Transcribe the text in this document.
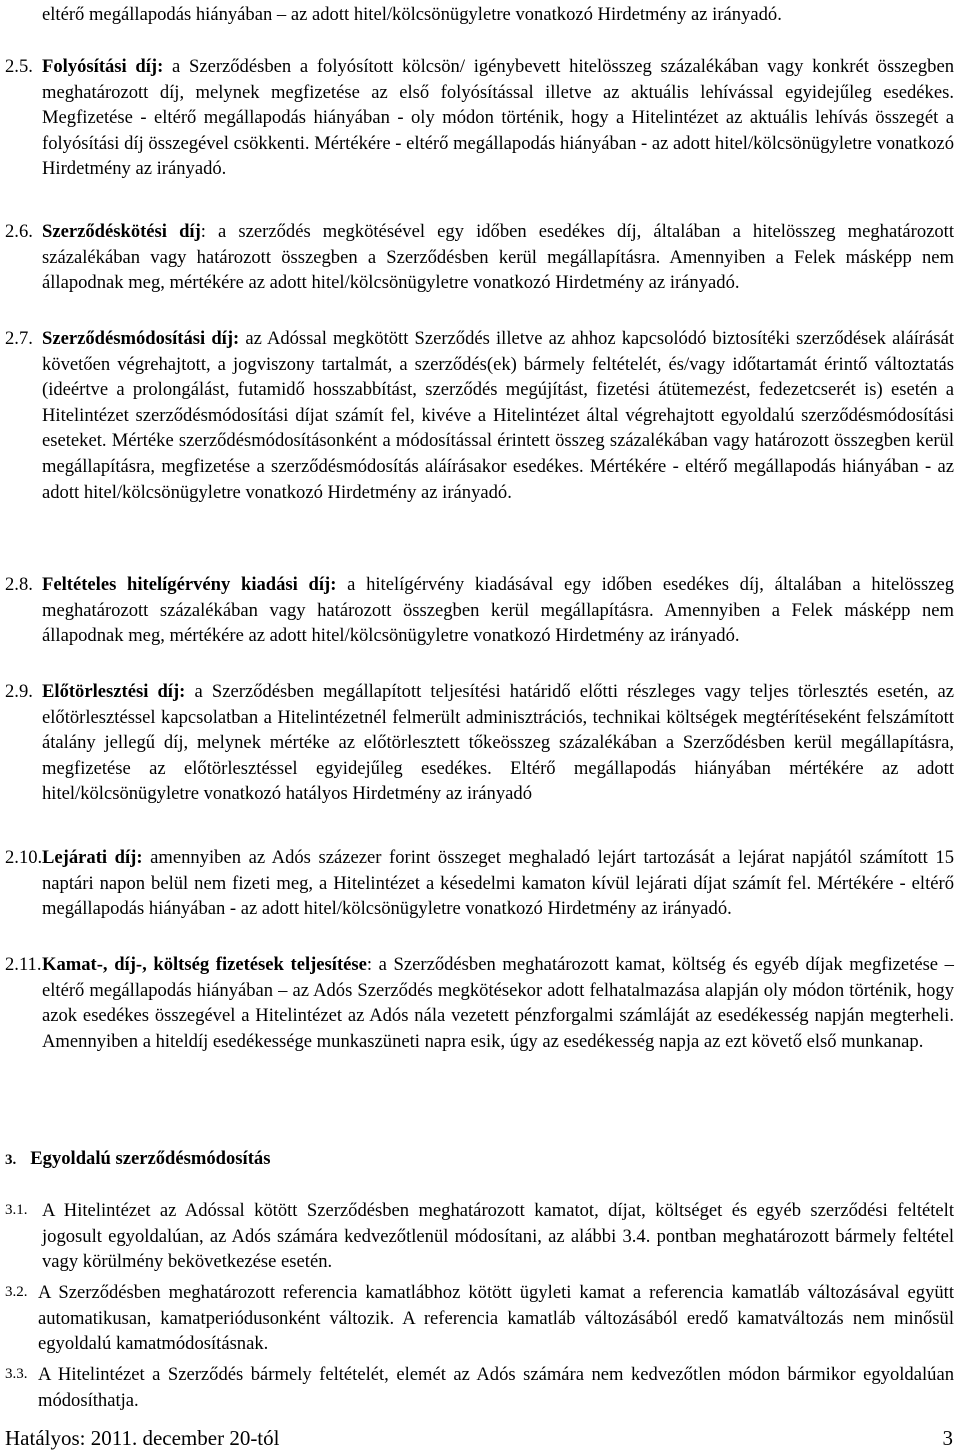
eltérő megállapodás hiányában – az adott hitel/kölcsönügyletre vonatkozó Hirdetmény az irányadó.
2.5. Folyósítási díj: a Szerződésben a folyósított kölcsön/ igénybevett hitelösszeg százalékában vagy konkrét összegben meghatározott díj, melynek megfizetése az első folyósítással illetve az aktuális lehívással egyidejűleg esedékes. Megfizetése - eltérő megállapodás hiányában - oly módon történik, hogy a Hitelintézet az aktuális lehívás összegét a folyósítási díj összegével csökkenti. Mértékére - eltérő megállapodás hiányában - az adott hitel/kölcsönügyletre vonatkozó Hirdetmény az irányadó.
2.6. Szerződéskötési díj: a szerződés megkötésével egy időben esedékes díj, általában a hitelösszeg meghatározott százalékában vagy határozott összegben a Szerződésben kerül megállapításra. Amennyiben a Felek másképp nem állapodnak meg, mértékére az adott hitel/kölcsönügyletre vonatkozó Hirdetmény az irányadó.
2.7. Szerződésmódosítási díj: az Adóssal megkötött Szerződés illetve az ahhoz kapcsolódó biztosítéki szerződések aláírását követően végrehajtott, a jogviszony tartalmát, a szerződés(ek) bármely feltételét, és/vagy időtartamát érintő változtatás (ideértve a prolongálást, futamidő hosszabbítást, szerződés megújítást, fizetési átütemezést, fedezetcserét is) esetén a Hitelintézet szerződésmódosítási díjat számít fel, kivéve a Hitelintézet által végrehajtott egyoldalú szerződésmódosítási eseteket. Mértéke szerződésmódosításonként a módosítással érintett összeg százalékában vagy határozott összegben kerül megállapításra, megfizetése a szerződésmódosítás aláírásakor esedékes. Mértékére - eltérő megállapodás hiányában - az adott hitel/kölcsönügyletre vonatkozó Hirdetmény az irányadó.
2.8. Feltételes hitelígérvény kiadási díj: a hitelígérvény kiadásával egy időben esedékes díj, általában a hitelösszeg meghatározott százalékában vagy határozott összegben kerül megállapításra. Amennyiben a Felek másképp nem állapodnak meg, mértékére az adott hitel/kölcsönügyletre vonatkozó Hirdetmény az irányadó.
2.9. Előtörlesztési díj: a Szerződésben megállapított teljesítési határidő előtti részleges vagy teljes törlesztés esetén, az előtörlesztéssel kapcsolatban a Hitelintézetnél felmerült adminisztrációs, technikai költségek megtérítéseként felszámított átalány jellegű díj, melynek mértéke az előtörlesztett tőkeösszeg százalékában a Szerződésben kerül megállapításra, megfizetése az előtörlesztéssel egyidejűleg esedékes. Eltérő megállapodás hiányában mértékére az adott hitel/kölcsönügyletre vonatkozó hatályos Hirdetmény az irányadó
2.10. Lejárati díj: amennyiben az Adós százezer forint összeget meghaladó lejárt tartozását a lejárat napjától számított 15 naptári napon belül nem fizeti meg, a Hitelintézet a késedelmi kamaton kívül lejárati díjat számít fel. Mértékére - eltérő megállapodás hiányában - az adott hitel/kölcsönügyletre vonatkozó Hirdetmény az irányadó.
2.11. Kamat-, díj-, költség fizetések teljesítése: a Szerződésben meghatározott kamat, költség és egyéb díjak megfizetése – eltérő megállapodás hiányában – az Adós Szerződés megkötésekor adott felhatalmazása alapján oly módon történik, hogy azok esedékes összegével a Hitelintézet az Adós nála vezetett pénzforgalmi számláját az esedékesség napján megterheli. Amennyiben a hiteldíj esedékessége munkaszüneti napra esik, úgy az esedékesség napja az ezt követő első munkanap.
3. Egyoldalú szerződésmódosítás
3.1. A Hitelintézet az Adóssal kötött Szerződésben meghatározott kamatot, díjat, költséget és egyéb szerződési feltételt jogosult egyoldalúan, az Adós számára kedvezőtlenül módosítani, az alábbi 3.4. pontban meghatározott bármely feltétel vagy körülmény bekövetkezése esetén.
3.2. A Szerződésben meghatározott referencia kamatlábhoz kötött ügyleti kamat a referencia kamatláb változásával együtt automatikusan, kamatperiódusonként változik. A referencia kamatláb változásából eredő kamatváltozás nem minősül egyoldalú kamatmódosításnak.
3.3. A Hitelintézet a Szerződés bármely feltételét, elemét az Adós számára nem kedvezőtlen módon bármikor egyoldalúan módosíthatja.
Hatályos: 2011. december 20-tól	3
